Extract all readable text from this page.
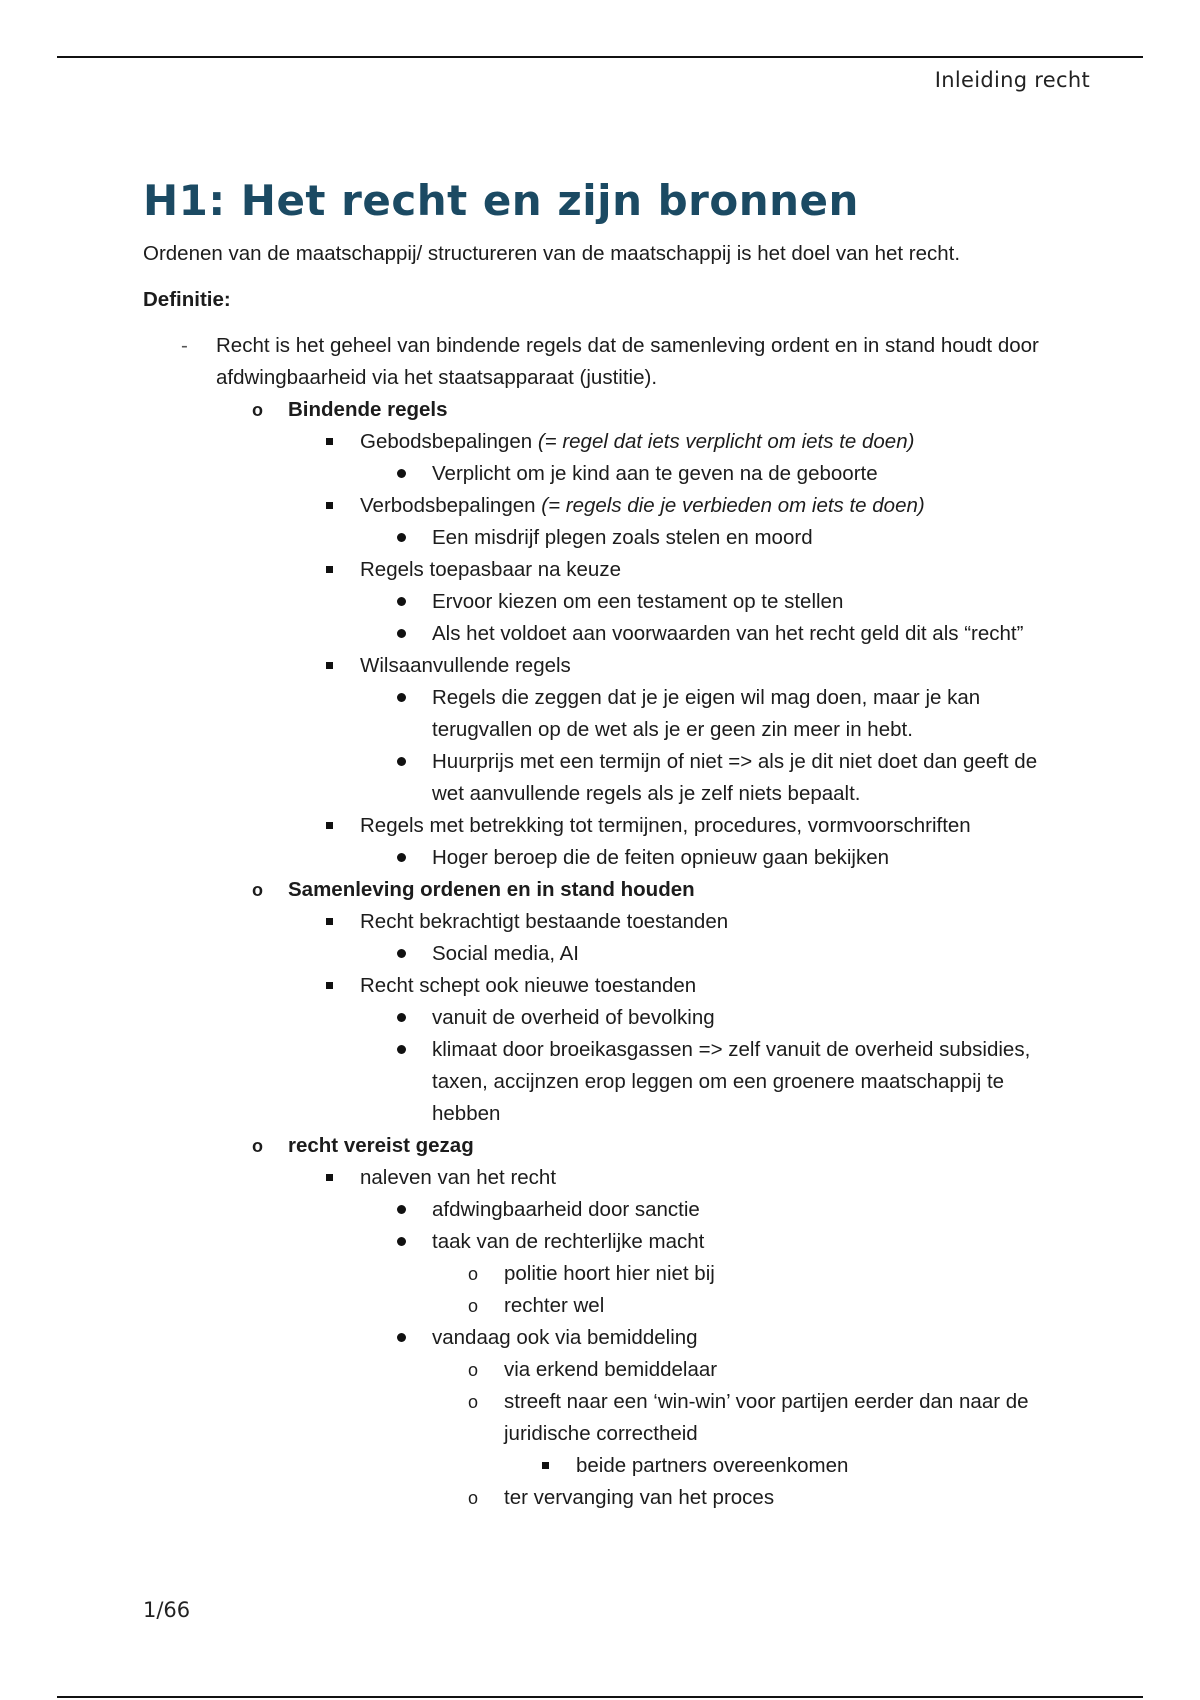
Inleiding recht
H1: Het recht en zijn bronnen

Ordenen van de maatschappij/ structureren van de maatschappij is het doel van het recht.

Definitie:

- Recht is het geheel van bindende regels dat de samenleving ordent en in stand houdt door afdwingbaarheid via het staatsapparaat (justitie).
o Bindende regels
Gebodsbepalingen (= regel dat iets verplicht om iets te doen)
Verplicht om je kind aan te geven na de geboorte
Verbodsbepalingen (= regels die je verbieden om iets te doen)
Een misdrijf plegen zoals stelen en moord
Regels toepasbaar na keuze
Ervoor kiezen om een testament op te stellen
Als het voldoet aan voorwaarden van het recht geld dit als “recht”
Wilsaanvullende regels
Regels die zeggen dat je je eigen wil mag doen, maar je kan terugvallen op de wet als je er geen zin meer in hebt.
Huurprijs met een termijn of niet => als je dit niet doet dan geeft de wet aanvullende regels als je zelf niets bepaalt.
Regels met betrekking tot termijnen, procedures, vormvoorschriften
Hoger beroep die de feiten opnieuw gaan bekijken
o Samenleving ordenen en in stand houden
Recht bekrachtigt bestaande toestanden
Social media, AI
Recht schept ook nieuwe toestanden
vanuit de overheid of bevolking
klimaat door broeikasgassen => zelf vanuit de overheid subsidies, taxen, accijnzen erop leggen om een groenere maatschappij te hebben
o recht vereist gezag
naleven van het recht
afdwingbaarheid door sanctie
taak van de rechterlijke macht
o politie hoort hier niet bij
o rechter wel
vandaag ook via bemiddeling
o via erkend bemiddelaar
o streeft naar een ‘win-win’ voor partijen eerder dan naar de juridische correctheid
beide partners overeenkomen
o ter vervanging van het proces
1/66
